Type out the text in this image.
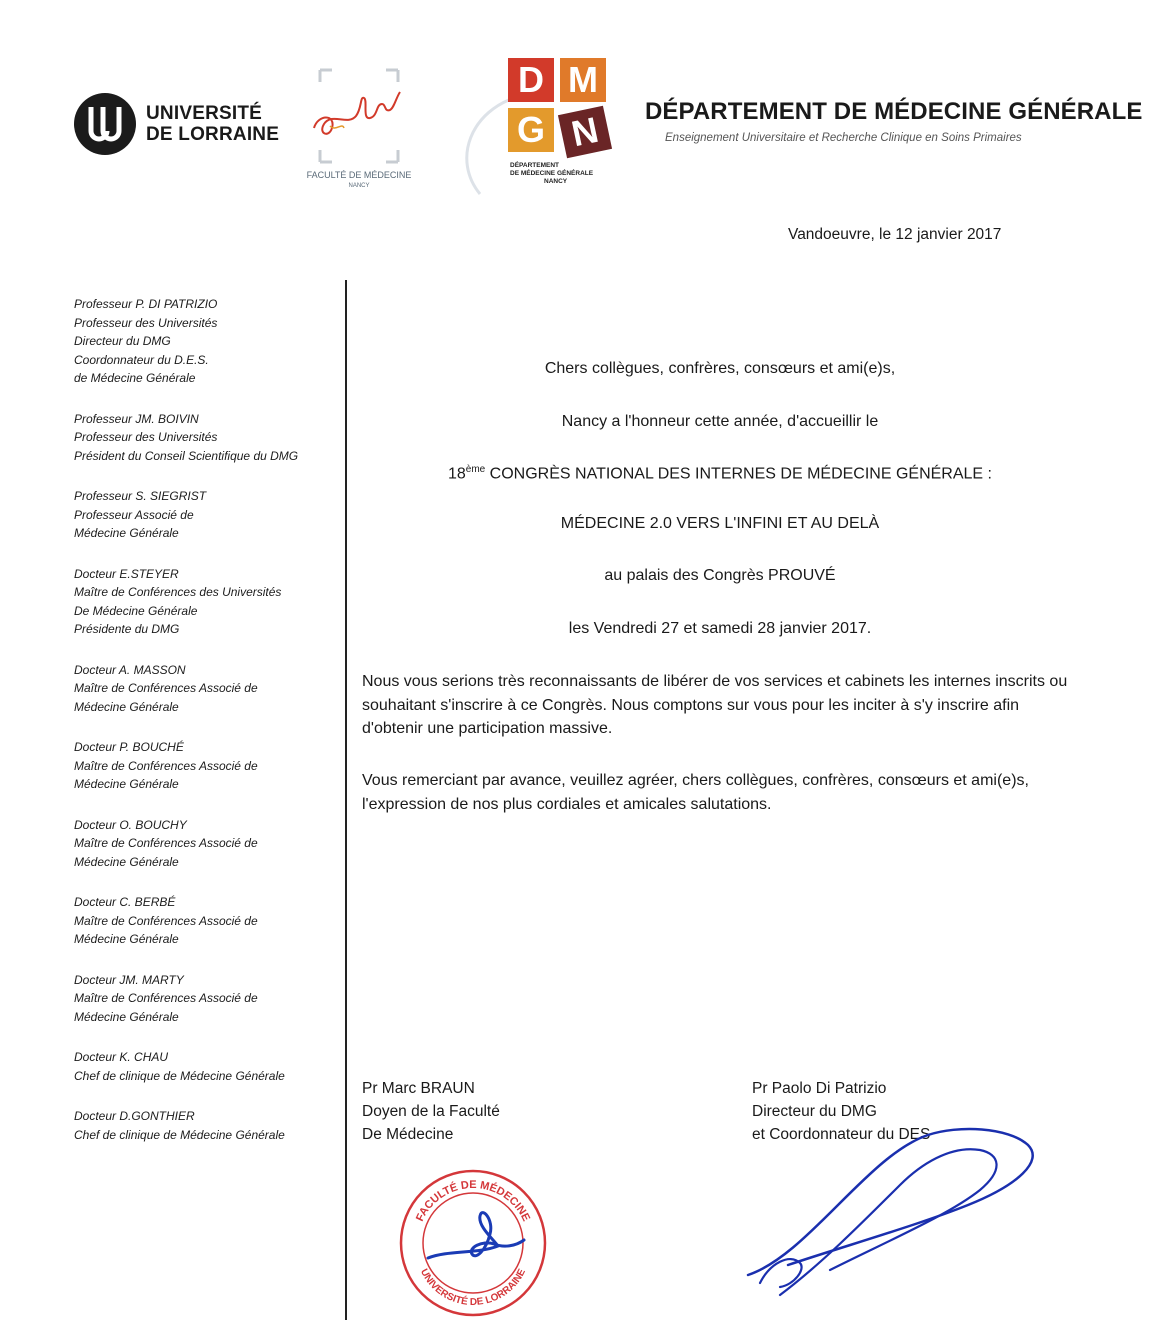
UNIVERSITÉ
DE LORRAINE
FACULTÉ DE MÉDECINE
NANCY
D M
G N
DÉPARTEMENT
DE MÉDECINE GÉNÉRALE
NANCY
DÉPARTEMENT DE MÉDECINE GÉNÉRALE
Enseignement Universitaire et Recherche Clinique en Soins Primaires
Vandoeuvre, le 12 janvier 2017
Professeur P. DI PATRIZIO
Professeur des Universités
Directeur du DMG
Coordonnateur du D.E.S.
de Médecine Générale
Professeur JM. BOIVIN
Professeur des Universités
Président du Conseil Scientifique du DMG
Professeur S. SIEGRIST
Professeur Associé de
Médecine Générale
Docteur E.STEYER
Maître de Conférences des Universités
De Médecine Générale
Présidente du DMG
Docteur A. MASSON
Maître de Conférences Associé de
Médecine Générale
Docteur P. BOUCHÉ
Maître de Conférences Associé de
Médecine Générale
Docteur O. BOUCHY
Maître de Conférences Associé de
Médecine Générale
Docteur C. BERBÉ
Maître de Conférences Associé de
Médecine Générale
Docteur JM. MARTY
Maître de Conférences Associé de
Médecine Générale
Docteur K. CHAU
Chef de clinique de Médecine Générale
Docteur D.GONTHIER
Chef de clinique de Médecine Générale
Chers collègues, confrères, consœurs et ami(e)s,
Nancy a l'honneur cette année, d'accueillir le
18ème CONGRÈS NATIONAL DES INTERNES DE MÉDECINE GÉNÉRALE :
MÉDECINE 2.0 VERS L'INFINI ET AU DELÀ
au palais des Congrès PROUVÉ
les Vendredi 27 et samedi 28 janvier 2017.
Nous vous serions très reconnaissants de libérer de vos services et cabinets les internes inscrits ou souhaitant s'inscrire à ce Congrès. Nous comptons sur vous pour les inciter à s'y inscrire afin d'obtenir une participation massive.
Vous remerciant par avance, veuillez agréer, chers collègues, confrères, consœurs et ami(e)s, l'expression de nos plus cordiales et amicales salutations.
Pr Marc BRAUN
Doyen de la Faculté
De Médecine
Pr Paolo Di Patrizio
Directeur du DMG
et Coordonnateur du DES
FACULTÉ DE MÉDECINE
UNIVERSITÉ DE LORRAINE
